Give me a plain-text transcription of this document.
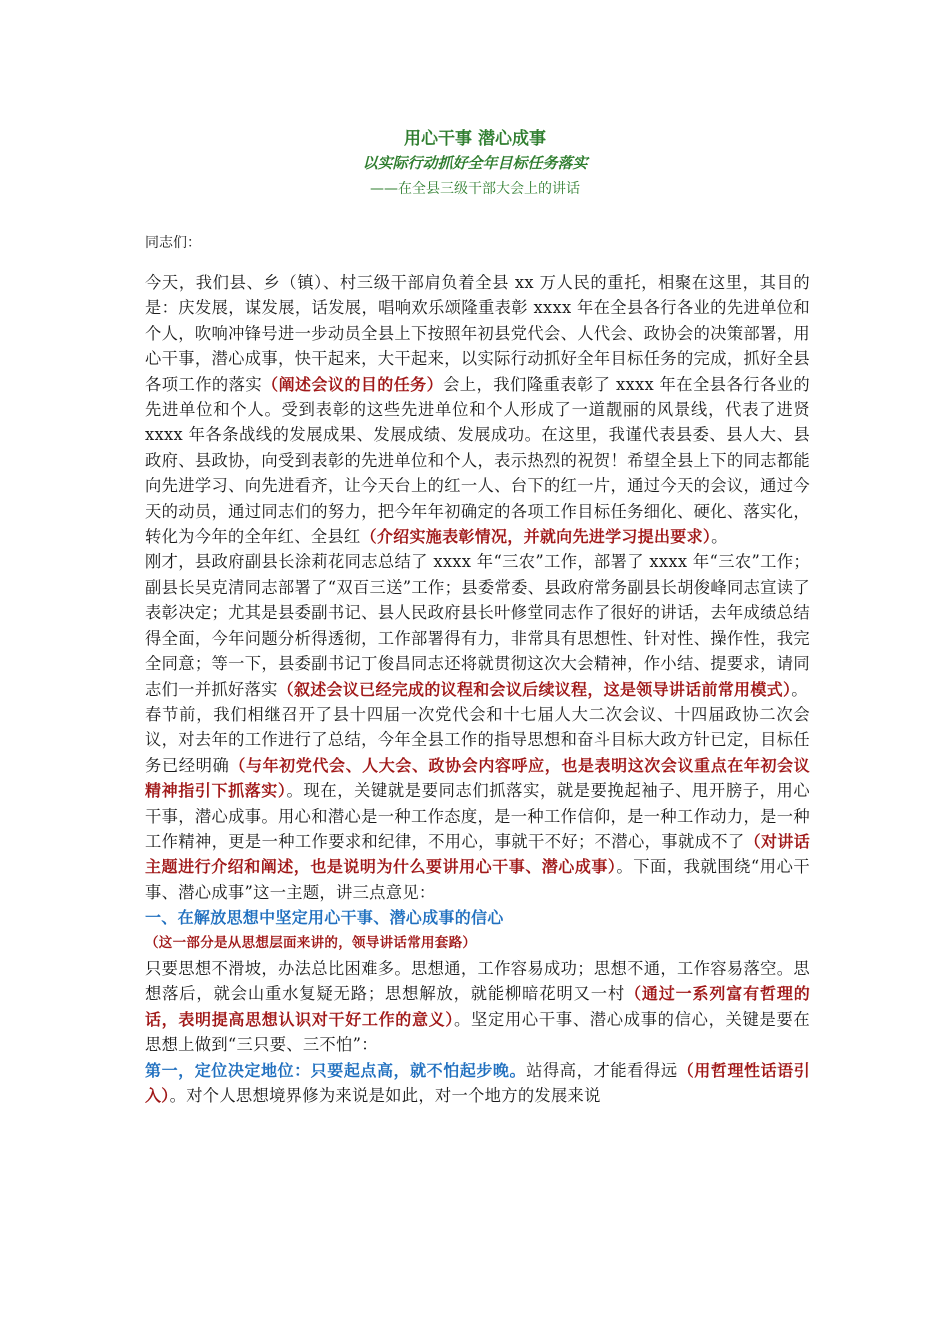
用心干事 潜心成事
以实际行动抓好全年目标任务落实
——在全县三级干部大会上的讲话
同志们：

今天，我们县、乡（镇）、村三级干部肩负着全县 xx 万人民的重托，相聚在这里，其目的是：庆发展，谋发展，话发展，唱响欢乐颂隆重表彰 xxxx 年在全县各行各业的先进单位和个人，吹响冲锋号进一步动员全县上下按照年初县党代会、人代会、政协会的决策部署，用心干事，潜心成事，快干起来，大干起来，以实际行动抓好全年目标任务的完成，抓好全县各项工作的落实（阐述会议的目的任务）会上，我们隆重表彰了 xxxx 年在全县各行各业的先进单位和个人。受到表彰的这些先进单位和个人形成了一道靓丽的风景线，代表了进贤 xxxx 年各条战线的发展成果、发展成绩、发展成功。在这里，我谨代表县委、县人大、县政府、县政协，向受到表彰的先进单位和个人，表示热烈的祝贺！希望全县上下的同志都能向先进学习、向先进看齐，让今天台上的红一人、台下的红一片，通过今天的会议，通过今天的动员，通过同志们的努力，把今年年初确定的各项工作目标任务细化、硬化、落实化，转化为今年的全年红、全县红（介绍实施表彰情况，并就向先进学习提出要求）。

刚才，县政府副县长涂莉花同志总结了 xxxx 年“三农”工作，部署了 xxxx 年“三农”工作；副县长吴克清同志部署了“双百三送”工作；县委常委、县政府常务副县长胡俊峰同志宣读了表彰决定；尤其是县委副书记、县人民政府县长叶修堂同志作了很好的讲话，去年成绩总结得全面，今年问题分析得透彻，工作部署得有力，非常具有思想性、针对性、操作性，我完全同意；等一下，县委副书记丁俊昌同志还将就贯彻这次大会精神，作小结、提要求，请同志们一并抓好落实（叙述会议已经完成的议程和会议后续议程，这是领导讲话前常用模式）。

春节前，我们相继召开了县十四届一次党代会和十七届人大二次会议、十四届政协二次会议，对去年的工作进行了总结，今年全县工作的指导思想和奋斗目标大政方针已定，目标任务已经明确（与年初党代会、人大会、政协会内容呼应，也是表明这次会议重点在年初会议精神指引下抓落实）。现在，关键就是要同志们抓落实，就是要挽起袖子、甩开膀子，用心干事，潜心成事。用心和潜心是一种工作态度，是一种工作信仰，是一种工作动力，是一种工作精神，更是一种工作要求和纪律，不用心，事就干不好；不潜心，事就成不了（对讲话主题进行介绍和阐述，也是说明为什么要讲用心干事、潜心成事）。下面，我就围绕“用心干事、潜心成事”这一主题，讲三点意见：

一、在解放思想中坚定用心干事、潜心成事的信心

（这一部分是从思想层面来讲的，领导讲话常用套路）

只要思想不滑坡，办法总比困难多。思想通，工作容易成功；思想不通，工作容易落空。思想落后，就会山重水复疑无路；思想解放，就能柳暗花明又一村（通过一系列富有哲理的话，表明提高思想认识对干好工作的意义）。坚定用心干事、潜心成事的信心，关键是要在思想上做到“三只要、三不怕”：

第一，定位决定地位：只要起点高，就不怕起步晚。站得高，才能看得远（用哲理性话语引入）。对个人思想境界修为来说是如此，对一个地方的发展来说
